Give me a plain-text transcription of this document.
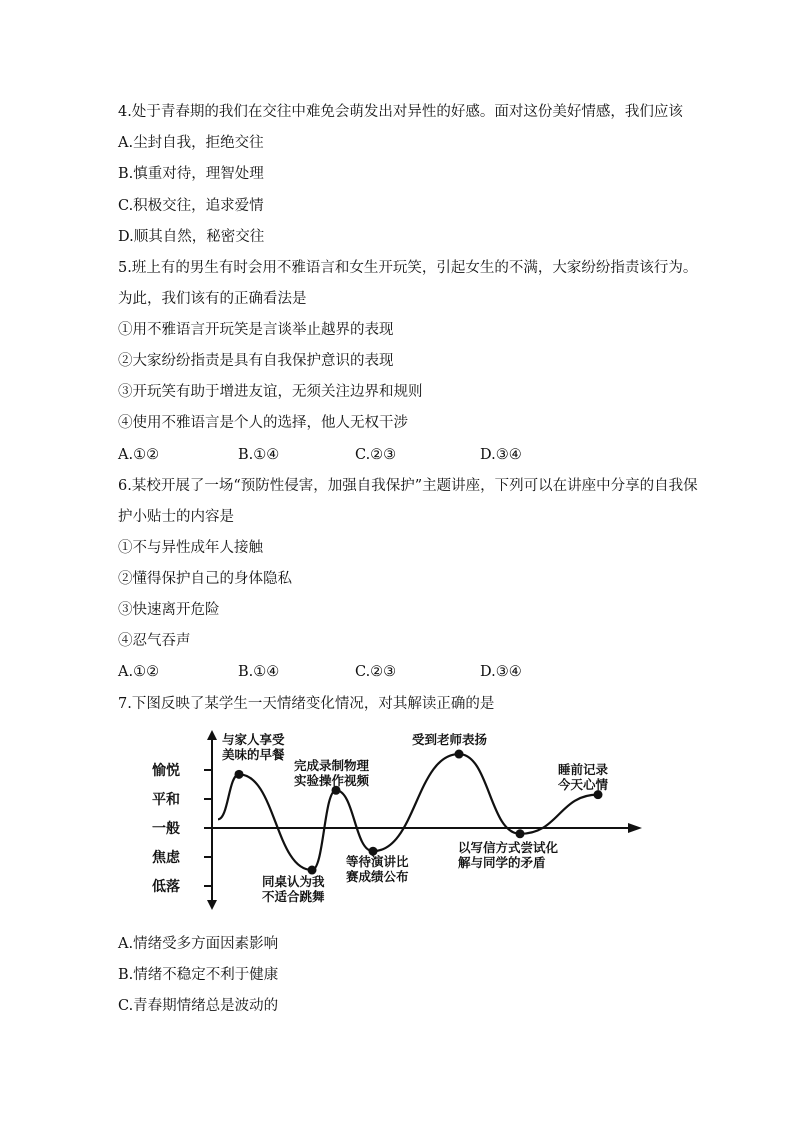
4.处于青春期的我们在交往中难免会萌发出对异性的好感。面对这份美好情感，我们应该
A.尘封自我，拒绝交往
B.慎重对待，理智处理
C.积极交往，追求爱情
D.顺其自然，秘密交往
5.班上有的男生有时会用不雅语言和女生开玩笑，引起女生的不满，大家纷纷指责该行为。
为此，我们该有的正确看法是
①用不雅语言开玩笑是言谈举止越界的表现
②大家纷纷指责是具有自我保护意识的表现
③开玩笑有助于增进友谊，无须关注边界和规则
④使用不雅语言是个人的选择，他人无权干涉
A.①②	B.①④	C.②③	D.③④
6.某校开展了一场“预防性侵害，加强自我保护”主题讲座，下列可以在讲座中分享的自我保
护小贴士的内容是
①不与异性成年人接触
②懂得保护自己的身体隐私
③快速离开危险
④忍气吞声
A.①②	B.①④	C.②③	D.③④
7.下图反映了某学生一天情绪变化情况，对其解读正确的是
愉悦
平和
一般
焦虑
低落
与家人享受
美味的早餐
同桌认为我
不适合跳舞
完成录制物理
实验操作视频
等待演讲比
赛成绩公布
受到老师表扬
以写信方式尝试化
解与同学的矛盾
睡前记录
今天心情
A.情绪受多方面因素影响
B.情绪不稳定不利于健康
C.青春期情绪总是波动的
